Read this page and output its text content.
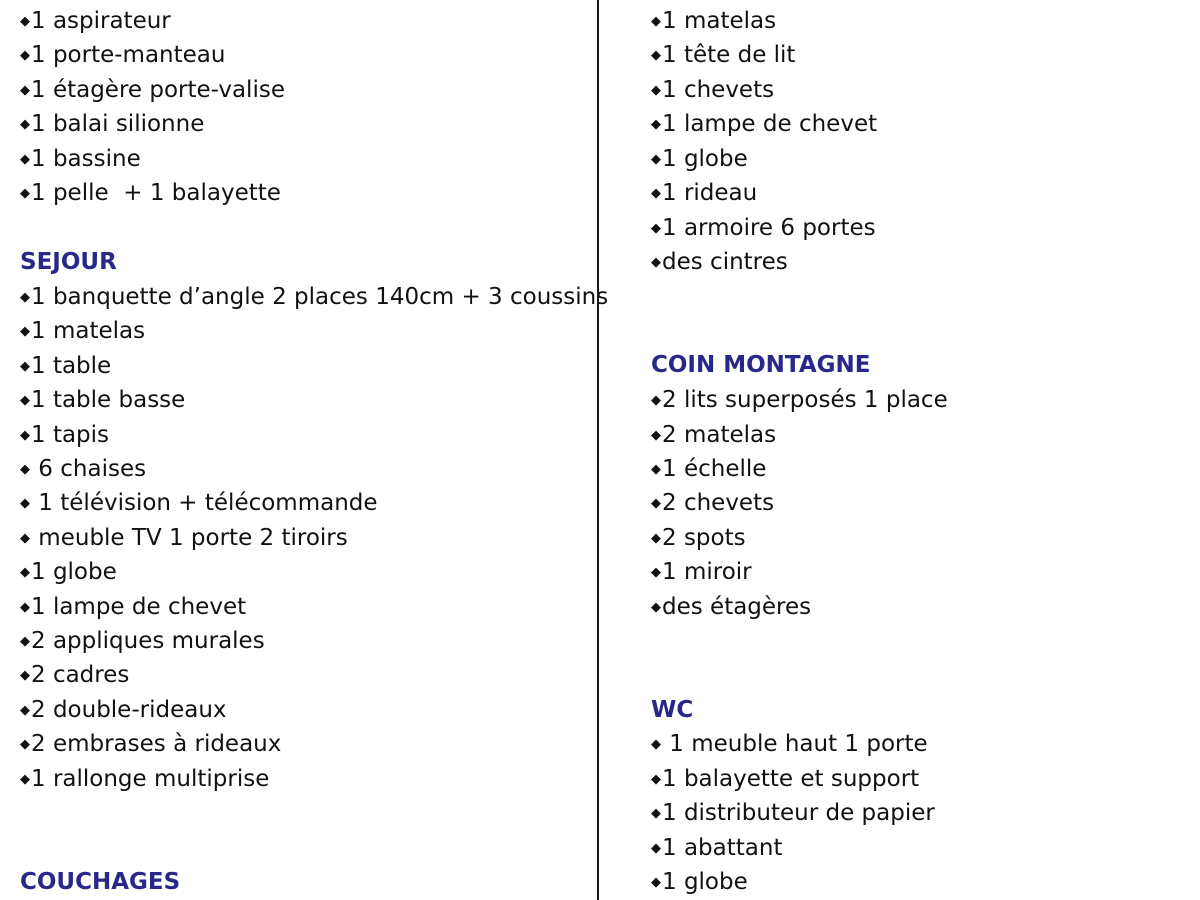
◆1 aspirateur
◆1 porte-manteau
◆1 étagère porte-valise
◆1 balai silionne
◆1 bassine
◆1 pelle  + 1 balayette
SEJOUR
◆1 banquette d’angle 2 places 140cm + 3 coussins
◆1 matelas
◆1 table
◆1 table basse
◆1 tapis
◆ 6 chaises
◆ 1 télévision + télécommande
◆ meuble TV 1 porte 2 tiroirs
◆1 globe
◆1 lampe de chevet
◆2 appliques murales
◆2 cadres
◆2 double-rideaux
◆2 embrases à rideaux
◆1 rallonge multiprise
COUCHAGES
◆1 matelas
◆1 tête de lit
◆1 chevets
◆1 lampe de chevet
◆1 globe
◆1 rideau
◆1 armoire 6 portes
◆des cintres
COIN MONTAGNE
◆2 lits superposés 1 place
◆2 matelas
◆1 échelle
◆2 chevets
◆2 spots
◆1 miroir
◆des étagères
WC
◆ 1 meuble haut 1 porte
◆1 balayette et support
◆1 distributeur de papier
◆1 abattant
◆1 globe
